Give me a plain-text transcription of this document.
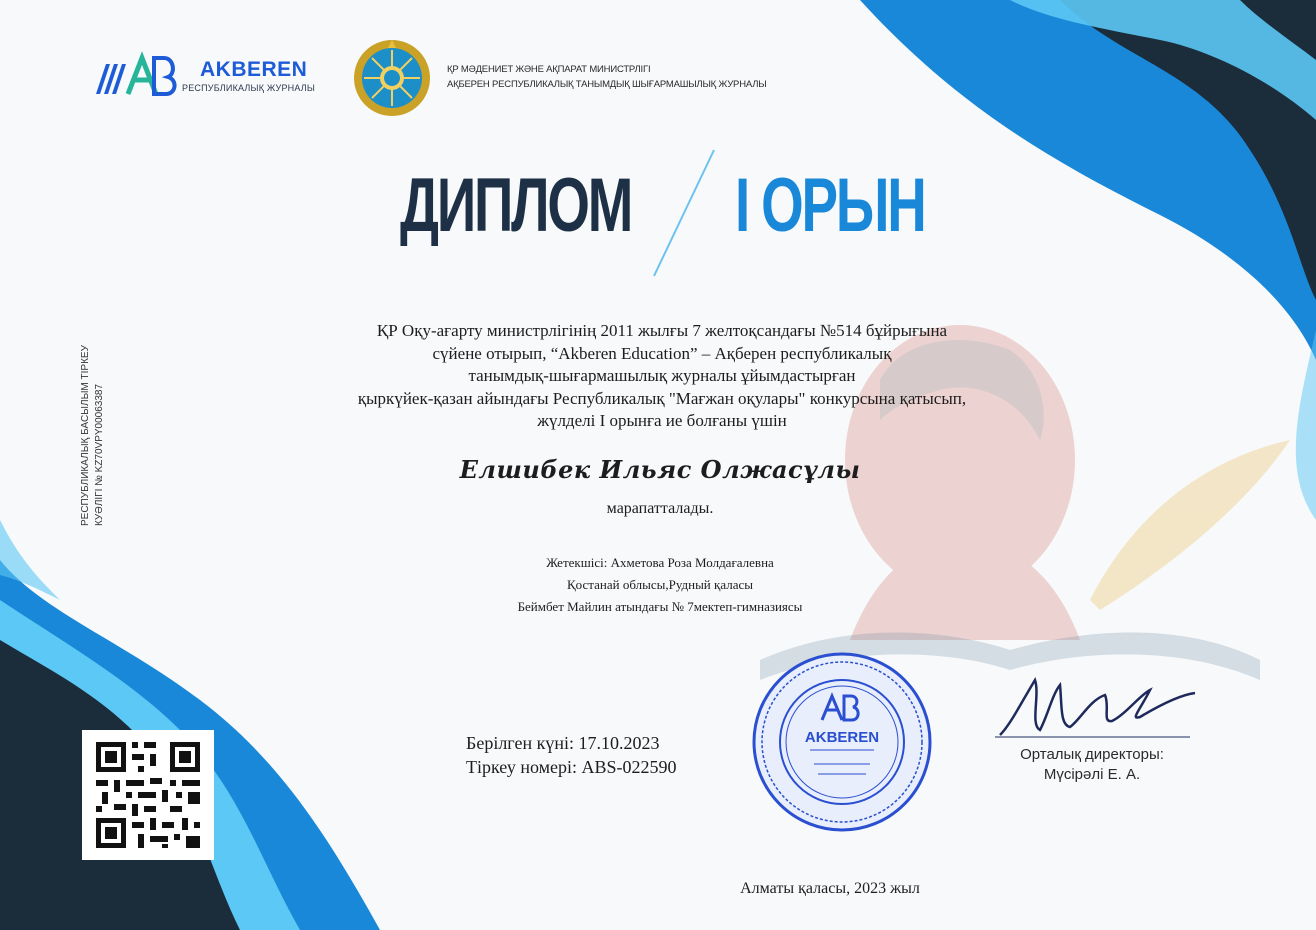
AKBEREN
РЕСПУБЛИКАЛЫҚ ЖУРНАЛЫ
ҚР МӘДЕНИЕТ ЖӘНЕ АҚПАРАТ МИНИСТРЛІГІ
АҚБЕРЕН РЕСПУБЛИКАЛЫҚ ТАНЫМДЫҚ ШЫҒАРМАШЫЛЫҚ ЖУРНАЛЫ
ДИПЛОМ I ОРЫН
РЕСПУБЛИКАЛЫҚ БАСЫЛЫМ ТІРКЕУ КУӘЛІГІ № KZ70VPY00063387
ҚР Оқу-ағарту министрлігінің 2011 жылғы 7 желтоқсандағы №514 бұйрығына
сүйене отырып, “Akberen Education” – Ақберен республикалық
танымдық-шығармашылық журналы ұйымдастырған
қыркүйек-қазан айындағы Республикалық "Мағжан оқулары" конкурсына қатысып,
жүлделі І орынға ие болғаны үшін
Елшибек Ильяс Олжасұлы
марапатталады.
Жетекшісі: Ахметова Роза Молдағалевна
Қостанай облысы,Рудный қаласы
Беймбет Майлин атындағы № 7мектеп-гимназиясы
Берілген күні: 17.10.2023
Тіркеу номері: ABS-022590
AKBEREN
Орталық директоры:
Мүсірәлі Е. А.
Алматы қаласы, 2023 жыл
